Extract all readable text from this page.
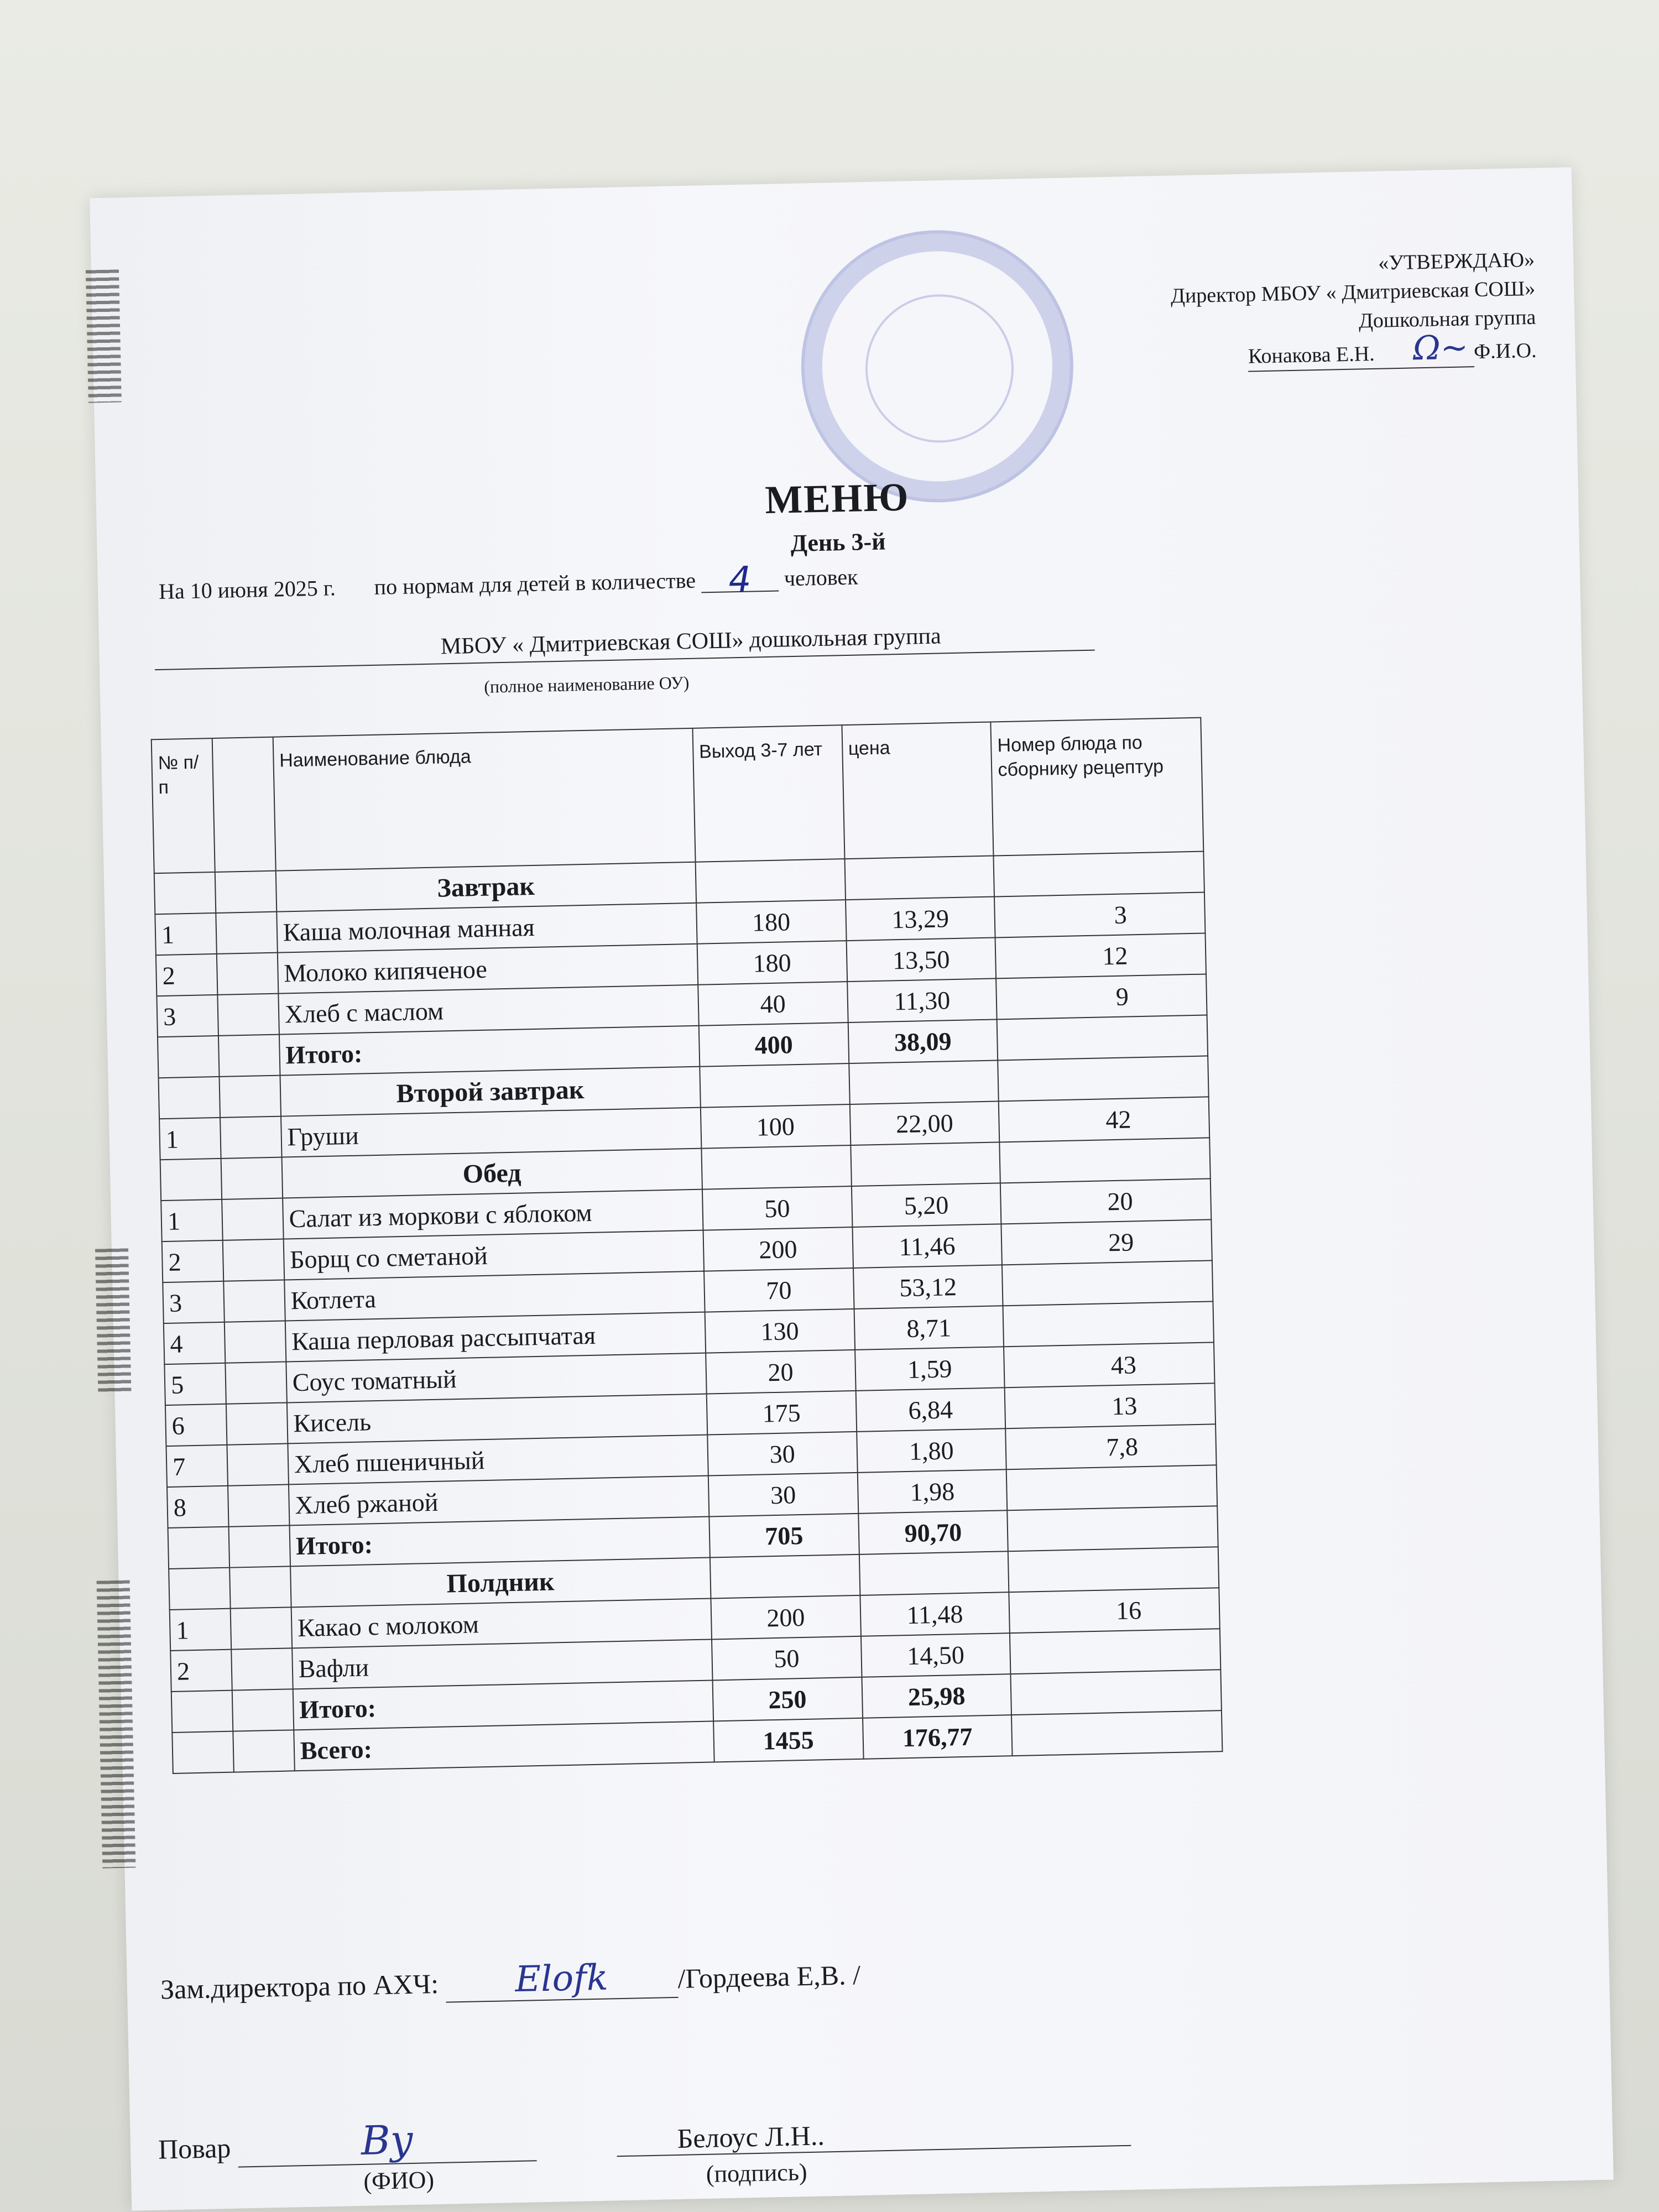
«УТВЕРЖДАЮ»
Директор МБОУ « Дмитриевская СОШ»
Дошкольная группа
Конакова Е.Н. Ω~ Ф.И.О.
МЕНЮ
День 3-й
На 10 июня 2025 г. по нормам для детей в количестве 4 человек
МБОУ « Дмитриевская СОШ» дошкольная группа
(полное наименование ОУ)
№ п/п		Наименование блюда	Выход 3-7 лет	цена	Номер блюда по сборнику рецептур
		Завтрак			
1		Каша молочная манная	180	13,29	3
2		Молоко кипяченое	180	13,50	12
3		Хлеб с маслом	40	11,30	9
		Итого:	400	38,09	
		Второй завтрак			
1		Груши	100	22,00	42
		Обед			
1		Салат из моркови с яблоком	50	5,20	20
2		Борщ со сметаной	200	11,46	29
3		Котлета	70	53,12	
4		Каша перловая рассыпчатая	130	8,71	
5		Соус томатный	20	1,59	43
6		Кисель	175	6,84	13
7		Хлеб пшеничный	30	1,80	7,8
8		Хлеб ржаной	30	1,98	
		Итого:	705	90,70	
		Полдник			
1		Какао с молоком	200	11,48	16
2		Вафли	50	14,50	
		Итого:	250	25,98	
		Всего:	1455	176,77	
Зам.директора по АХЧ: Elofk /Гордеева Е,В. /
Повар	By	Белоус Л.Н..
(ФИО)	(подпись)
